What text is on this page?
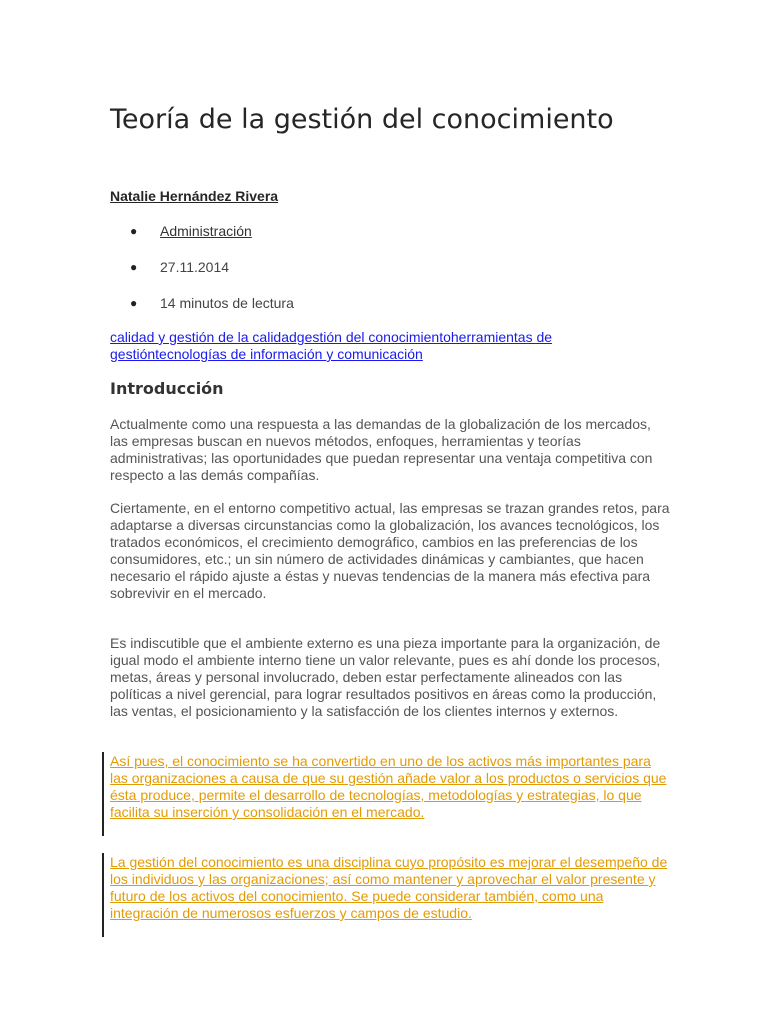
Teoría de la gestión del conocimiento
Natalie Hernández Rivera
● Administración
● 27.11.2014
● 14 minutos de lectura
calidad y gestión de la calidadgestión del conocimientoherramientas de
gestióntecnologías de información y comunicación
Introducción

Actualmente como una respuesta a las demandas de la globalización de los mercados, las empresas buscan en nuevos métodos, enfoques, herramientas y teorías administrativas; las oportunidades que puedan representar una ventaja competitiva con respecto a las demás compañías.

Ciertamente, en el entorno competitivo actual, las empresas se trazan grandes retos, para adaptarse a diversas circunstancias como la globalización, los avances tecnológicos, los tratados económicos, el crecimiento demográfico, cambios en las preferencias de los consumidores, etc.; un sin número de actividades dinámicas y cambiantes, que hacen necesario el rápido ajuste a éstas y nuevas tendencias de la manera más efectiva para sobrevivir en el mercado.

Es indiscutible que el ambiente externo es una pieza importante para la organización, de igual modo el ambiente interno tiene un valor relevante, pues es ahí donde los procesos, metas, áreas y personal involucrado, deben estar perfectamente alineados con las políticas a nivel gerencial, para lograr resultados positivos en áreas como la producción, las ventas, el posicionamiento y la satisfacción de los clientes internos y externos.

Así pues, el conocimiento se ha convertido en uno de los activos más importantes para las organizaciones a causa de que su gestión añade valor a los productos o servicios que ésta produce, permite el desarrollo de tecnologías, metodologías y estrategias, lo que facilita su inserción y consolidación en el mercado.
La gestión del conocimiento es una disciplina cuyo propósito es mejorar el desempeño de los individuos y las organizaciones; así como mantener y aprovechar el valor presente y futuro de los activos del conocimiento. Se puede considerar también, como una integración de numerosos esfuerzos y campos de estudio.
